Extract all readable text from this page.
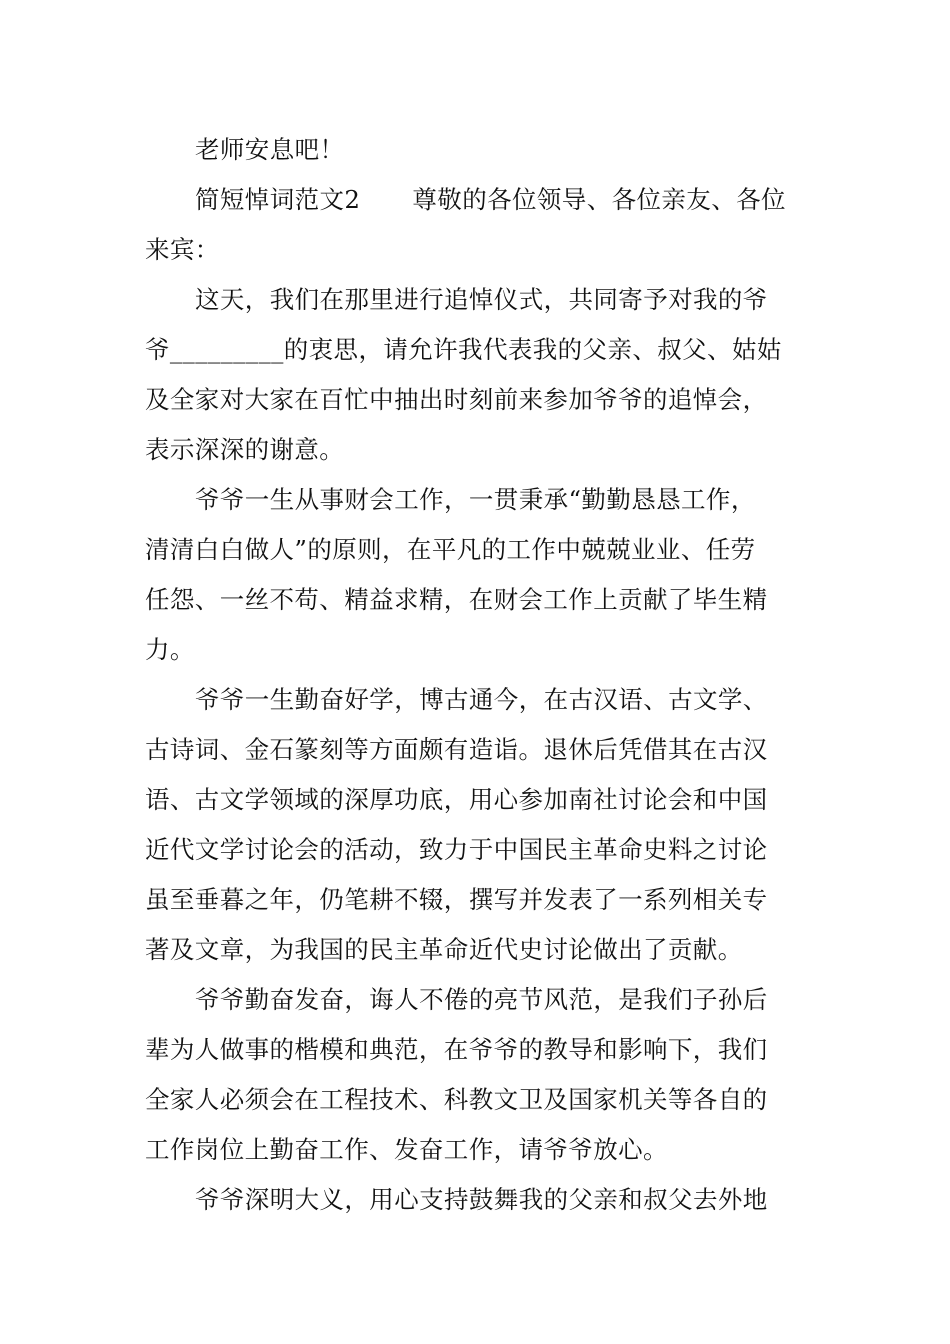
老师安息吧！
简短悼词范文2 尊敬的各位领导、各位亲友、各位
来宾：
这天，我们在那里进行追悼仪式，共同寄予对我的爷
爷_________的衷思，请允许我代表我的父亲、叔父、姑姑
及全家对大家在百忙中抽出时刻前来参加爷爷的追悼会，
表示深深的谢意。
爷爷一生从事财会工作，一贯秉承“勤勤恳恳工作，
清清白白做人”的原则，在平凡的工作中兢兢业业、任劳
任怨、一丝不苟、精益求精，在财会工作上贡献了毕生精
力。
爷爷一生勤奋好学，博古通今，在古汉语、古文学、
古诗词、金石篆刻等方面颇有造诣。退休后凭借其在古汉
语、古文学领域的深厚功底，用心参加南社讨论会和中国
近代文学讨论会的活动，致力于中国民主革命史料之讨论
虽至垂暮之年，仍笔耕不辍，撰写并发表了一系列相关专
著及文章，为我国的民主革命近代史讨论做出了贡献。
爷爷勤奋发奋，诲人不倦的亮节风范，是我们子孙后
辈为人做事的楷模和典范，在爷爷的教导和影响下，我们
全家人必须会在工程技术、科教文卫及国家机关等各自的
工作岗位上勤奋工作、发奋工作，请爷爷放心。
爷爷深明大义，用心支持鼓舞我的父亲和叔父去外地
